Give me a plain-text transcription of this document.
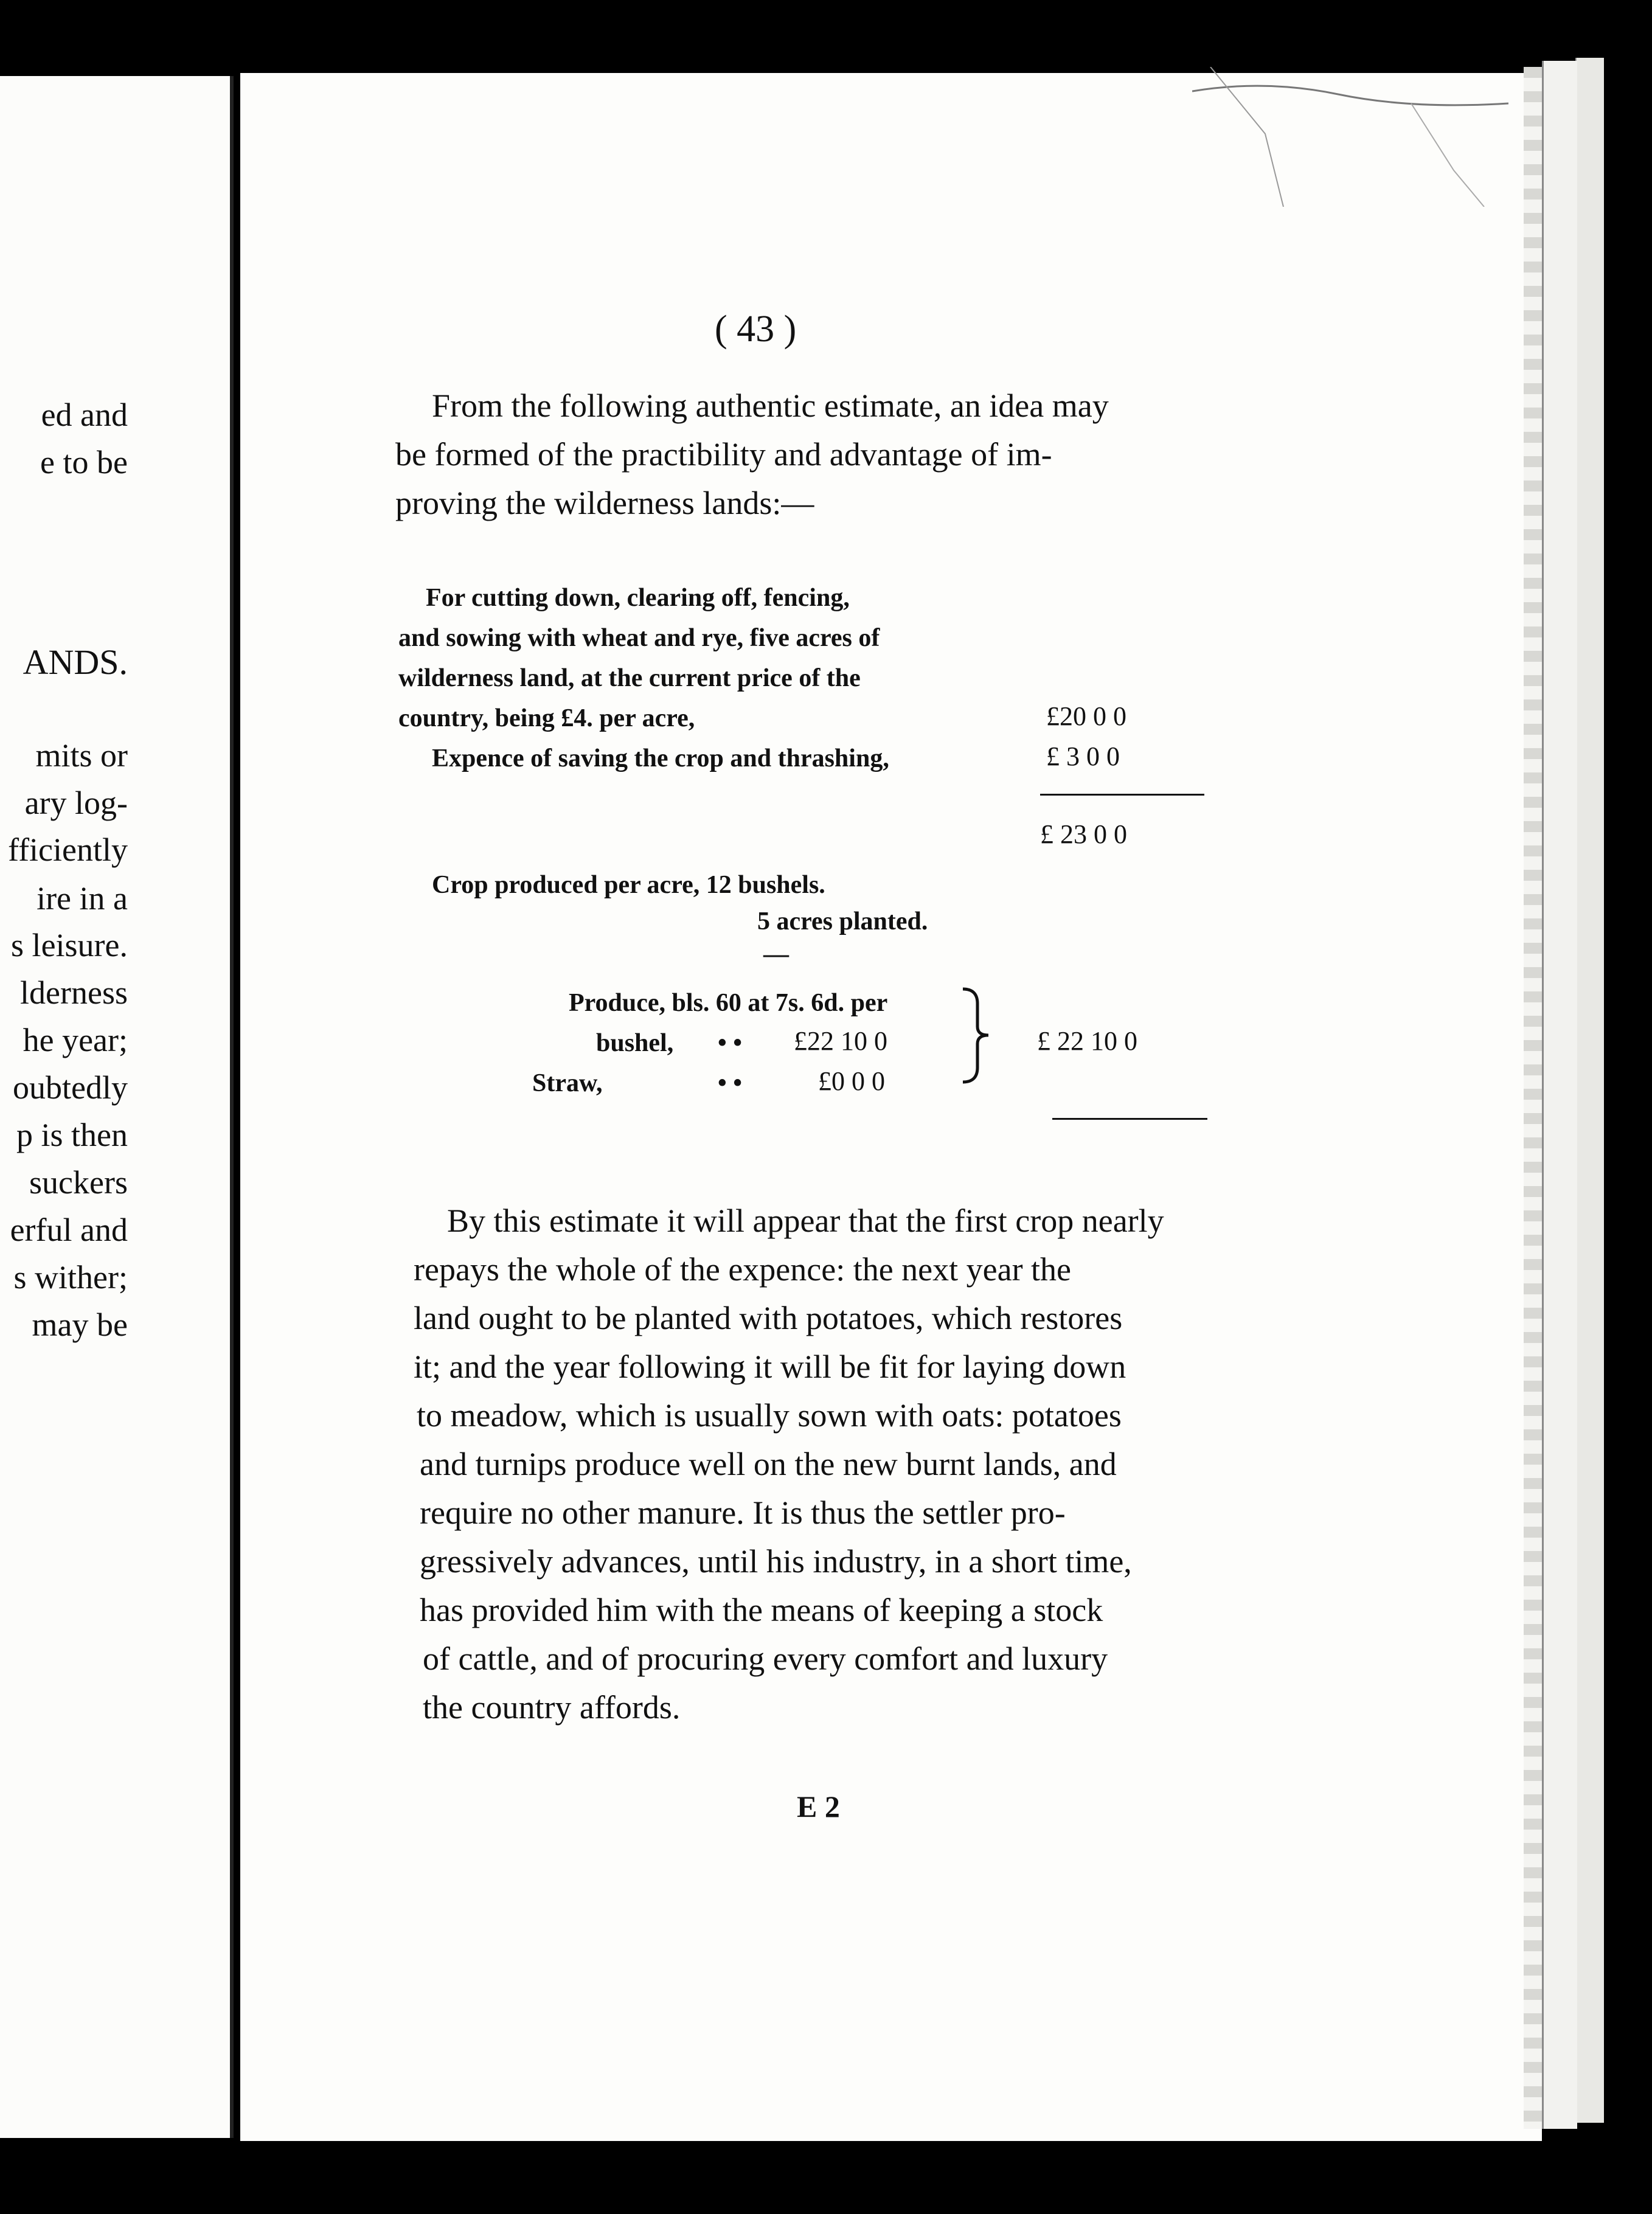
ed and
e to be
ANDS.
mits or
ary log-
fficiently
ire in a
s leisure.
lderness
he year;
oubtedly
p is then
suckers
erful and
s wither;
may be
( 43 )
From the following authentic estimate, an idea may
be formed of the practibility and advantage of im-
proving the wilderness lands:—
For cutting down, clearing off, fencing,
and sowing with wheat and rye, five acres of
wilderness land, at the current price of the
country, being £4. per acre,	£20 0 0
Expence of saving the crop and thrashing,	£ 3 0 0
£ 23 0 0
Crop produced per acre, 12 bushels.
5 acres planted.
—
Produce, bls. 60 at 7s. 6d. per
bushel, • • £22 10 0
Straw,	• •	£0 0 0
£ 22 10 0
By this estimate it will appear that the first crop nearly
repays the whole of the expence: the next year the
land ought to be planted with potatoes, which restores
it; and the year following it will be fit for laying down
to meadow, which is usually sown with oats: potatoes
and turnips produce well on the new burnt lands, and
require no other manure. It is thus the settler pro-
gressively advances, until his industry, in a short time,
has provided him with the means of keeping a stock
of cattle, and of procuring every comfort and luxury
the country affords.
E 2
